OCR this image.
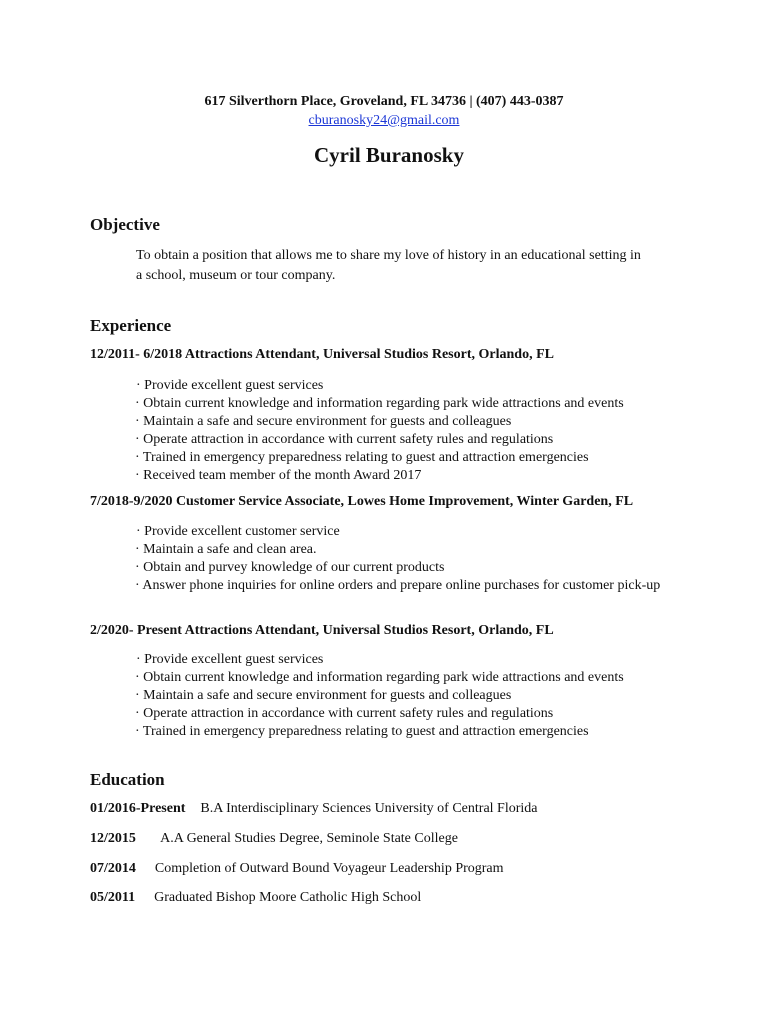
617 Silverthorn Place, Groveland, FL 34736 | (407) 443-0387
cburanosky24@gmail.com
Cyril Buranosky
Objective
To obtain a position that allows me to share my love of history in an educational setting in
a school, museum or tour company.
Experience
12/2011- 6/2018 Attractions Attendant, Universal Studios Resort, Orlando, FL
· Provide excellent guest services
· Obtain current knowledge and information regarding park wide attractions and events
· Maintain a safe and secure environment for guests and colleagues
· Operate attraction in accordance with current safety rules and regulations
· Trained in emergency preparedness relating to guest and attraction emergencies
· Received team member of the month Award 2017
7/2018-9/2020 Customer Service Associate, Lowes Home Improvement, Winter Garden, FL
· Provide excellent customer service
· Maintain a safe and clean area.
· Obtain and purvey knowledge of our current products
· Answer phone inquiries for online orders and prepare online purchases for customer pick-up
2/2020- Present Attractions Attendant, Universal Studios Resort, Orlando, FL
· Provide excellent guest services
· Obtain current knowledge and information regarding park wide attractions and events
· Maintain a safe and secure environment for guests and colleagues
· Operate attraction in accordance with current safety rules and regulations
· Trained in emergency preparedness relating to guest and attraction emergencies
Education
01/2016-Present B.A Interdisciplinary Sciences University of Central Florida
12/2015 A.A General Studies Degree, Seminole State College
07/2014 Completion of Outward Bound Voyageur Leadership Program
05/2011 Graduated Bishop Moore Catholic High School
